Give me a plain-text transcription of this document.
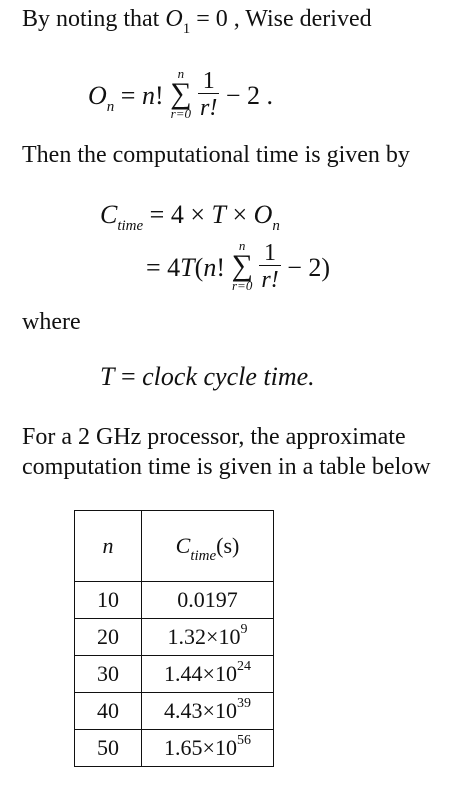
By noting that $O_1 = 0$ , Wise derived
$O_n = n$!
n
∑
r=0
$\frac{1}{r!} - 2$ .
Then the computational time is given by
$C_{time} = 4 \times T \times O_n$
= 4T(n!
n
∑
r=0
$\frac{1}{r!} - 2$)
where
T = clock cycle time.
For a 2 GHz processor, the approximate
computation time is given in a table below
n	$C_{time}(s)$
10	0.0197
20	$1.32\times 10^9$
30	$1.44\times 10^{24}$
40	$4.43\times 10^{39}$
50	$1.65\times 10^{56}$
